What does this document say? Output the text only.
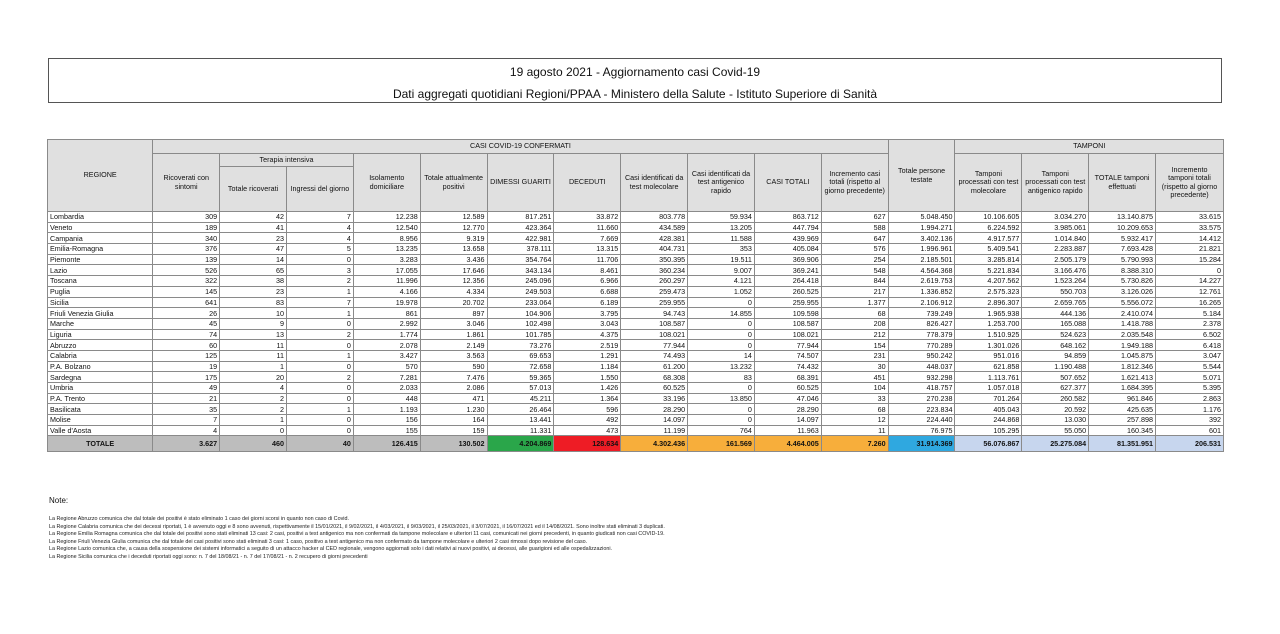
19 agosto 2021 - Aggiornamento casi Covid-19
Dati aggregati quotidiani Regioni/PPAA - Ministero della Salute - Istituto Superiore di Sanità
REGIONE	CASI COVID-19 CONFERMATI											Totale persone testate	TAMPONI			
	Ricoverati con sintomi	Terapia intensiva		Isolamento domiciliare	Totale attualmente positivi	DIMESSI GUARITI	DECEDUTI	Casi identificati da test molecolare	Casi identificati da test antigenico rapido	CASI TOTALI	Incremento casi totali (rispetto al giorno precedente)		Tamponi processati con test molecolare	Tamponi processati con test antigenico rapido	TOTALE tamponi effettuati	Incremento tamponi totali (rispetto al giorno precedente)
		Totale ricoverati	Ingressi del giorno													
Lombardia	309	42	7	12.238	12.589	817.251	33.872	803.778	59.934	863.712	627	5.048.450	10.106.605	3.034.270	13.140.875	33.615
Veneto	189	41	4	12.540	12.770	423.364	11.660	434.589	13.205	447.794	588	1.994.271	6.224.592	3.985.061	10.209.653	33.575
Campania	340	23	4	8.956	9.319	422.981	7.669	428.381	11.588	439.969	647	3.402.136	4.917.577	1.014.840	5.932.417	14.412
Emilia-Romagna	376	47	5	13.235	13.658	378.111	13.315	404.731	353	405.084	576	1.996.961	5.409.541	2.283.887	7.693.428	21.821
Piemonte	139	14	0	3.283	3.436	354.764	11.706	350.395	19.511	369.906	254	2.185.501	3.285.814	2.505.179	5.790.993	15.284
Lazio	526	65	3	17.055	17.646	343.134	8.461	360.234	9.007	369.241	548	4.564.368	5.221.834	3.166.476	8.388.310	0
Toscana	322	38	2	11.996	12.356	245.096	6.966	260.297	4.121	264.418	844	2.619.753	4.207.562	1.523.264	5.730.826	14.227
Puglia	145	23	1	4.166	4.334	249.503	6.688	259.473	1.052	260.525	217	1.336.852	2.575.323	550.703	3.126.026	12.761
Sicilia	641	83	7	19.978	20.702	233.064	6.189	259.955	0	259.955	1.377	2.106.912	2.896.307	2.659.765	5.556.072	16.265
Friuli Venezia Giulia	26	10	1	861	897	104.906	3.795	94.743	14.855	109.598	68	739.249	1.965.938	444.136	2.410.074	5.184
Marche	45	9	0	2.992	3.046	102.498	3.043	108.587	0	108.587	208	826.427	1.253.700	165.088	1.418.788	2.378
Liguria	74	13	2	1.774	1.861	101.785	4.375	108.021	0	108.021	212	778.379	1.510.925	524.623	2.035.548	6.502
Abruzzo	60	11	0	2.078	2.149	73.276	2.519	77.944	0	77.944	154	770.289	1.301.026	648.162	1.949.188	6.418
Calabria	125	11	1	3.427	3.563	69.653	1.291	74.493	14	74.507	231	950.242	951.016	94.859	1.045.875	3.047
P.A. Bolzano	19	1	0	570	590	72.658	1.184	61.200	13.232	74.432	30	448.037	621.858	1.190.488	1.812.346	5.544
Sardegna	175	20	2	7.281	7.476	59.365	1.550	68.308	83	68.391	451	932.298	1.113.761	507.652	1.621.413	5.071
Umbria	49	4	0	2.033	2.086	57.013	1.426	60.525	0	60.525	104	418.757	1.057.018	627.377	1.684.395	5.395
P.A. Trento	21	2	0	448	471	45.211	1.364	33.196	13.850	47.046	33	270.238	701.264	260.582	961.846	2.863
Basilicata	35	2	1	1.193	1.230	26.464	596	28.290	0	28.290	68	223.834	405.043	20.592	425.635	1.176
Molise	7	1	0	156	164	13.441	492	14.097	0	14.097	12	224.440	244.868	13.030	257.898	392
Valle d'Aosta	4	0	0	155	159	11.331	473	11.199	764	11.963	11	76.975	105.295	55.050	160.345	601
TOTALE	3.627	460	40	126.415	130.502	4.204.869	128.634	4.302.436	161.569	4.464.005	7.260	31.914.369	56.076.867	25.275.084	81.351.951	206.531
Note:
La Regione Abruzzo comunica che dal totale dei positivi è stato eliminato 1 caso dei giorni scorsi in quanto non caso di Covid.
La Regione Calabria comunica che dei decessi riportati, 1 è avvenuto oggi e 8 sono avvenuti, rispettivamente il 15/01/2021, il 9/02/2021, il 4/03/2021, il 9/03/2021, il 25/03/2021, il 3/07/2021, il 16/07/2021 ed il 14/08/2021. Sono inoltre stati eliminati 3 duplicati.
La Regione Emilia Romagna comunica che dal totale dei positivi sono stati eliminati 13 casi: 2 casi, positivi a test antigenico ma non confermati da tampone molecolare e ulteriori 11 casi, comunicati nei giorni precedenti, in quanto giudicati non casi COVID-19.
La Regione Friuli Venezia Giulia comunica che dal totale dei casi positivi sono stati eliminati 3 casi: 1 caso, positivo a test antigenico ma non confermato da tampone molecolare e ulteriori 2 casi rimossi dopo revisione del caso.
La Regione Lazio comunica che, a causa della sospensione dei sistemi informatici a seguito di un attacco hacker al CED regionale, vengono aggiornati solo i dati relativi ai nuovi positivi, ai decessi, alle guarigioni ed alle ospedalizzazioni.
La Regione Sicilia comunica che i deceduti riportati oggi sono: n. 7 del 18/08/21 - n. 7 del 17/08/21 - n. 2 recupero di giorni precedenti
